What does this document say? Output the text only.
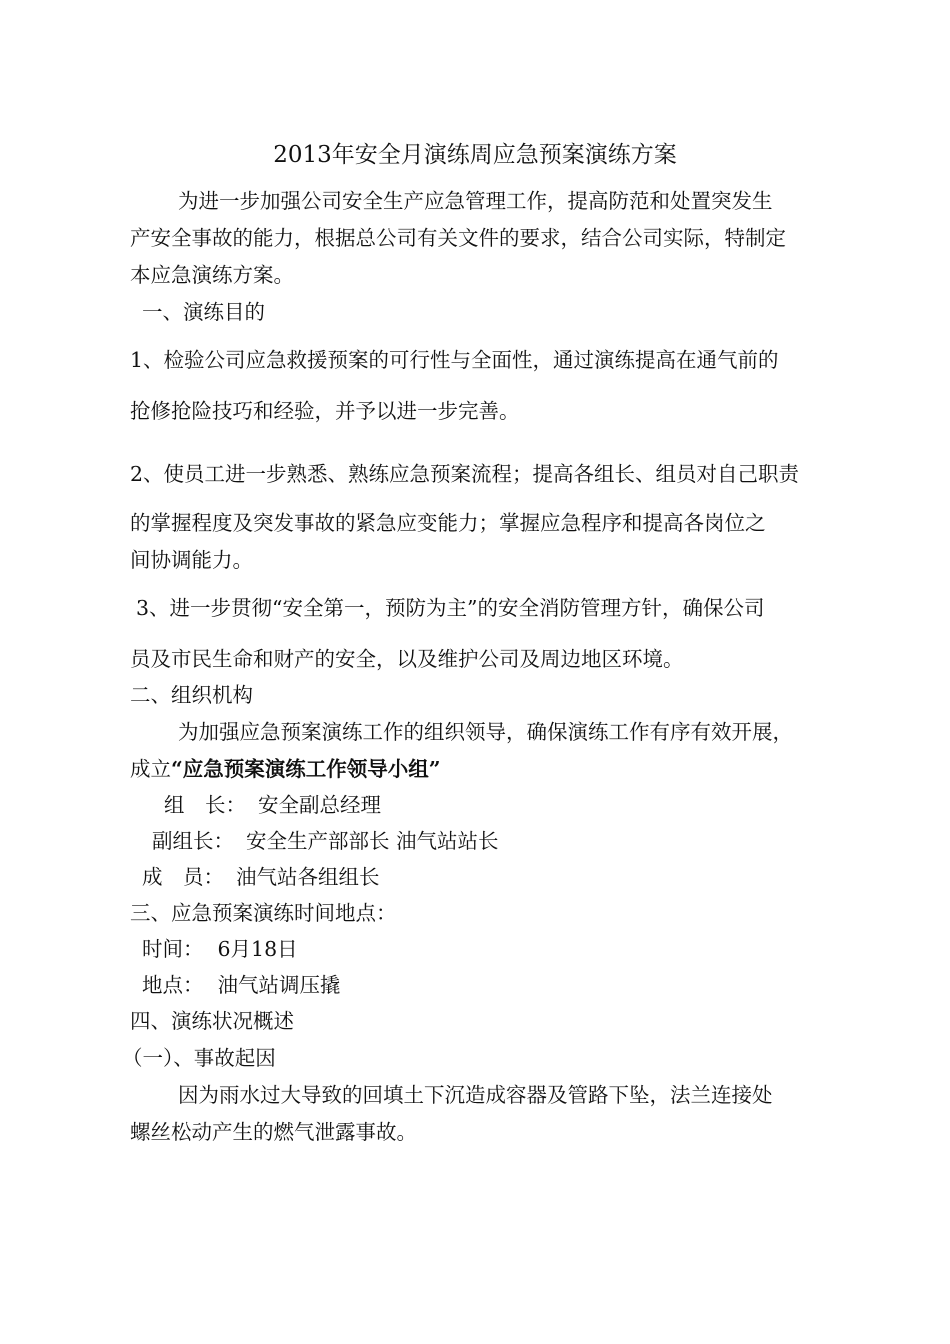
2013年安全月演练周应急预案演练方案
为进一步加强公司安全生产应急管理工作，提高防范和处置突发生
产安全事故的能力，根据总公司有关文件的要求，结合公司实际，特制定
本应急演练方案。
一、演练目的
1、检验公司应急救援预案的可行性与全面性，通过演练提高在通气前的
抢修抢险技巧和经验，并予以进一步完善。
2、使员工进一步熟悉、熟练应急预案流程；提高各组长、组员对自己职责
的掌握程度及突发事故的紧急应变能力；掌握应急程序和提高各岗位之
间协调能力。
3、进一步贯彻“安全第一，预防为主”的安全消防管理方针，确保公司
员及市民生命和财产的安全，以及维护公司及周边地区环境。
二、组织机构
为加强应急预案演练工作的组织领导，确保演练工作有序有效开展，
成立“应急预案演练工作领导小组”
组　长： 安全副总经理
副组长： 安全生产部部长 油气站站长
成　员： 油气站各组组长
三、应急预案演练时间地点：
时间： 6月18日
地点： 油气站调压撬
四、演练状况概述
（一）、事故起因
因为雨水过大导致的回填土下沉造成容器及管路下坠，法兰连接处
螺丝松动产生的燃气泄露事故。
